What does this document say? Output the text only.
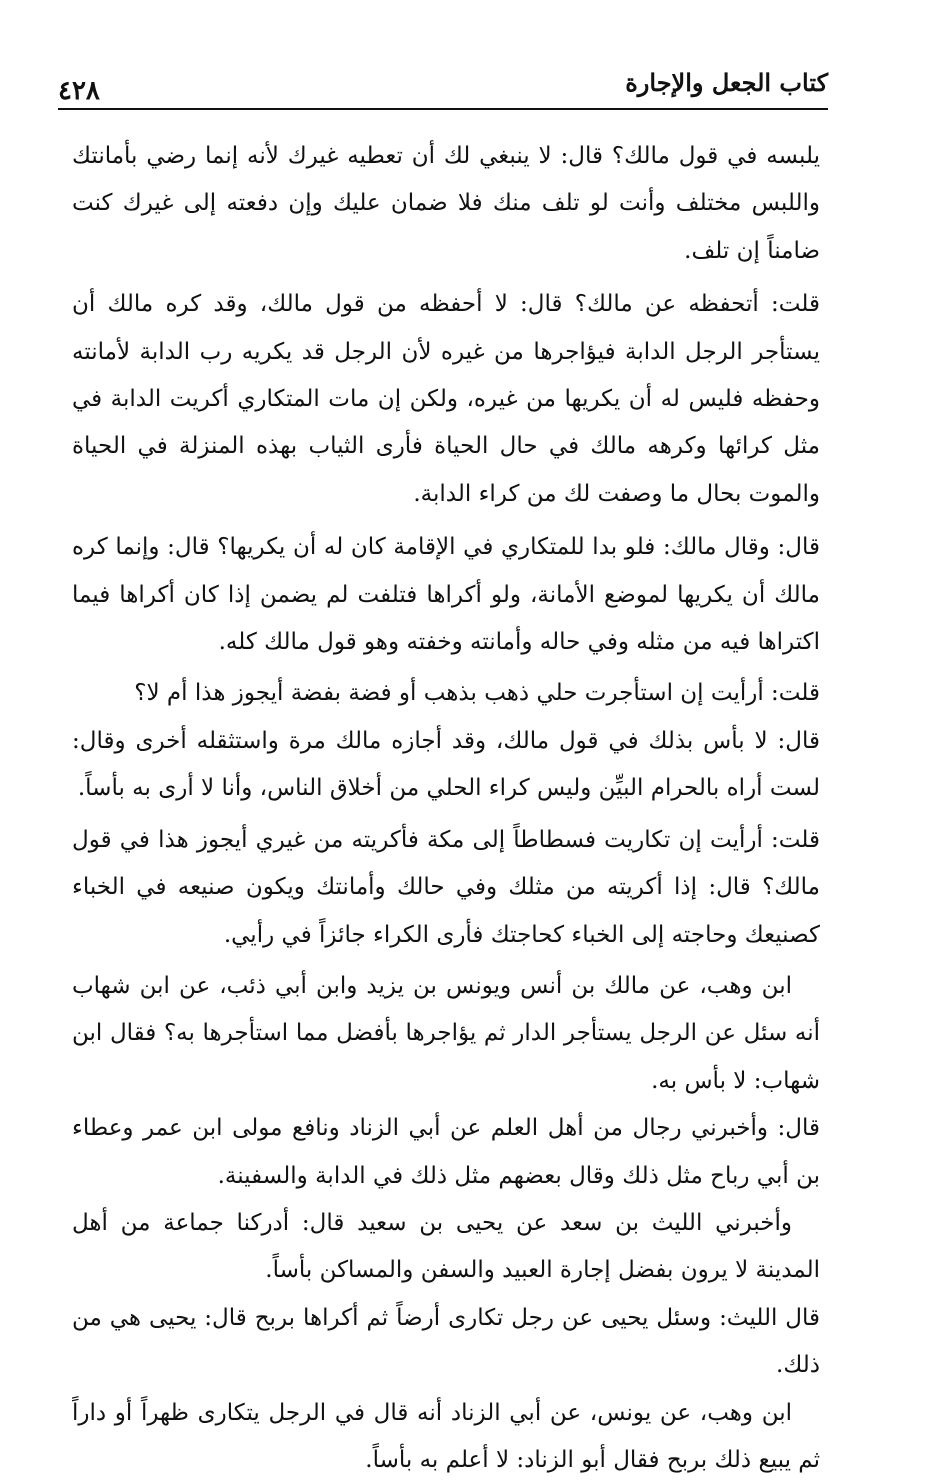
كتاب الجعل والإجارة
٤٢٨

يلبسه في قول مالك؟ قال: لا ينبغي لك أن تعطيه غيرك لأنه إنما رضي بأمانتك واللبس مختلف وأنت لو تلف منك فلا ضمان عليك وإن دفعته إلى غيرك كنت ضامناً إن تلف.

قلت: أتحفظه عن مالك؟ قال: لا أحفظه من قول مالك، وقد كره مالك أن يستأجر الرجل الدابة فيؤاجرها من غيره لأن الرجل قد يكريه رب الدابة لأمانته وحفظه فليس له أن يكريها من غيره، ولكن إن مات المتكاري أكريت الدابة في مثل كرائها وكرهه مالك في حال الحياة فأرى الثياب بهذه المنزلة في الحياة والموت بحال ما وصفت لك من كراء الدابة.

قال: وقال مالك: فلو بدا للمتكاري في الإقامة كان له أن يكريها؟ قال: وإنما كره مالك أن يكريها لموضع الأمانة، ولو أكراها فتلفت لم يضمن إذا كان أكراها فيما اكتراها فيه من مثله وفي حاله وأمانته وخفته وهو قول مالك كله.

قلت: أرأيت إن استأجرت حلي ذهب بذهب أو فضة بفضة أيجوز هذا أم لا؟

قال: لا بأس بذلك في قول مالك، وقد أجازه مالك مرة واستثقله أخرى وقال: لست أراه بالحرام البيِّن وليس كراء الحلي من أخلاق الناس، وأنا لا أرى به بأساً.

قلت: أرأيت إن تكاريت فسطاطاً إلى مكة فأكريته من غيري أيجوز هذا في قول مالك؟ قال: إذا أكريته من مثلك وفي حالك وأمانتك ويكون صنيعه في الخباء كصنيعك وحاجته إلى الخباء كحاجتك فأرى الكراء جائزاً في رأيي.

ابن وهب، عن مالك بن أنس ويونس بن يزيد وابن أبي ذئب، عن ابن شهاب أنه سئل عن الرجل يستأجر الدار ثم يؤاجرها بأفضل مما استأجرها به؟ فقال ابن شهاب: لا بأس به.

قال: وأخبرني رجال من أهل العلم عن أبي الزناد ونافع مولى ابن عمر وعطاء بن أبي رباح مثل ذلك وقال بعضهم مثل ذلك في الدابة والسفينة.

وأخبرني الليث بن سعد عن يحيى بن سعيد قال: أدركنا جماعة من أهل المدينة لا يرون بفضل إجارة العبيد والسفن والمساكن بأساً.

قال الليث: وسئل يحيى عن رجل تكارى أرضاً ثم أكراها بربح قال: يحيى هي من ذلك.

ابن وهب، عن يونس، عن أبي الزناد أنه قال في الرجل يتكارى ظهراً أو داراً ثم يبيع ذلك بربح فقال أبو الزناد: لا أعلم به بأساً.
